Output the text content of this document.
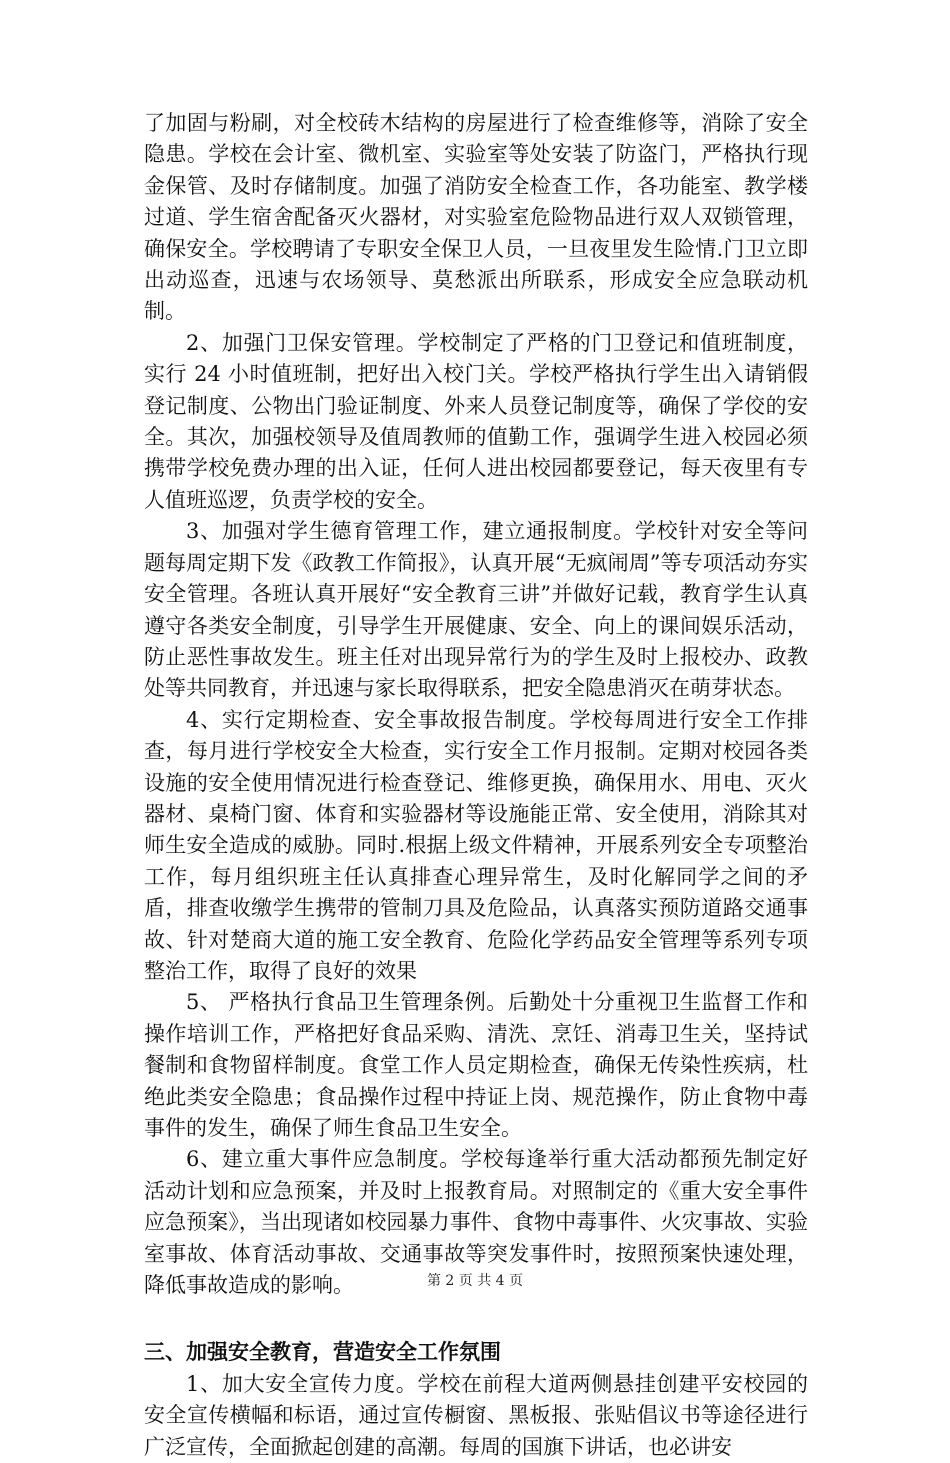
了加固与粉刷，对全校砖木结构的房屋进行了检查维修等，消除了安全隐患。学校在会计室、微机室、实验室等处安装了防盗门，严格执行现金保管、及时存储制度。加强了消防安全检查工作，各功能室、教学楼过道、学生宿舍配备灭火器材，对实验室危险物品进行双人双锁管理，确保安全。学校聘请了专职安全保卫人员，一旦夜里发生险情.门卫立即出动巡查，迅速与农场领导、莫愁派出所联系，形成安全应急联动机制。

2、加强门卫保安管理。学校制定了严格的门卫登记和值班制度，实行 24 小时值班制，把好出入校门关。学校严格执行学生出入请销假登记制度、公物出门验证制度、外来人员登记制度等，确保了学佼的安全。其次，加强校领导及值周教师的值勤工作，强调学生进入校园必须携带学校免费办理的出入证，任何人进出校园都要登记，每天夜里有专人值班巡逻，负责学校的安全。

3、加强对学生德育管理工作，建立通报制度。学校针对安全等问题每周定期下发《政教工作简报》，认真开展“无疯闹周”等专项活动夯实安全管理。各班认真开展好“安全教育三讲”并做好记载，教育学生认真遵守各类安全制度，引导学生开展健康、安全、向上的课间娱乐活动，防止恶性事故发生。班主任对出现异常行为的学生及时上报校办、政教处等共同教育，并迅速与家长取得联系，把安全隐患消灭在萌芽状态。

4、实行定期检查、安全事故报告制度。学校每周进行安全工作排查，每月进行学校安全大检查，实行安全工作月报制。定期对校园各类设施的安全使用情况进行检查登记、维修更换，确保用水、用电、灭火器材、桌椅门窗、体育和实验器材等设施能正常、安全使用，消除其对师生安全造成的威胁。同时.根据上级文件精神，开展系列安全专项整治工作，每月组织班主任认真排查心理异常生，及时化解同学之间的矛盾，排查收缴学生携带的管制刀具及危险品，认真落实预防道路交通事故、针对楚商大道的施工安全教育、危险化学药品安全管理等系列专项整治工作，取得了良好的效果

5、 严格执行食品卫生管理条例。后勤处十分重视卫生监督工作和操作培训工作，严格把好食品采购、清洗、烹饪、消毒卫生关，坚持试餐制和食物留样制度。食堂工作人员定期检查，确保无传染性疾病，杜绝此类安全隐患；食品操作过程中持证上岗、规范操作，防止食物中毒事件的发生，确保了师生食品卫生安全。

6、建立重大事件应急制度。学校每逢举行重大活动都预先制定好活动计划和应急预案，并及时上报教育局。对照制定的《重大安全事件应急预案》，当出现诸如校园暴力事件、食物中毒事件、火灾事故、实验室事故、体育活动事故、交通事故等突发事件时，按照预案快速处理，降低事故造成的影响。

三、加强安全教育，营造安全工作氛围

1、加大安全宣传力度。学校在前程大道两侧悬挂创建平安校园的安全宣传横幅和标语，通过宣传橱窗、黑板报、张贴倡议书等途径进行广泛宣传，全面掀起创建的高潮。每周的国旗下讲话，也必讲安

第 2 页 共 4 页
